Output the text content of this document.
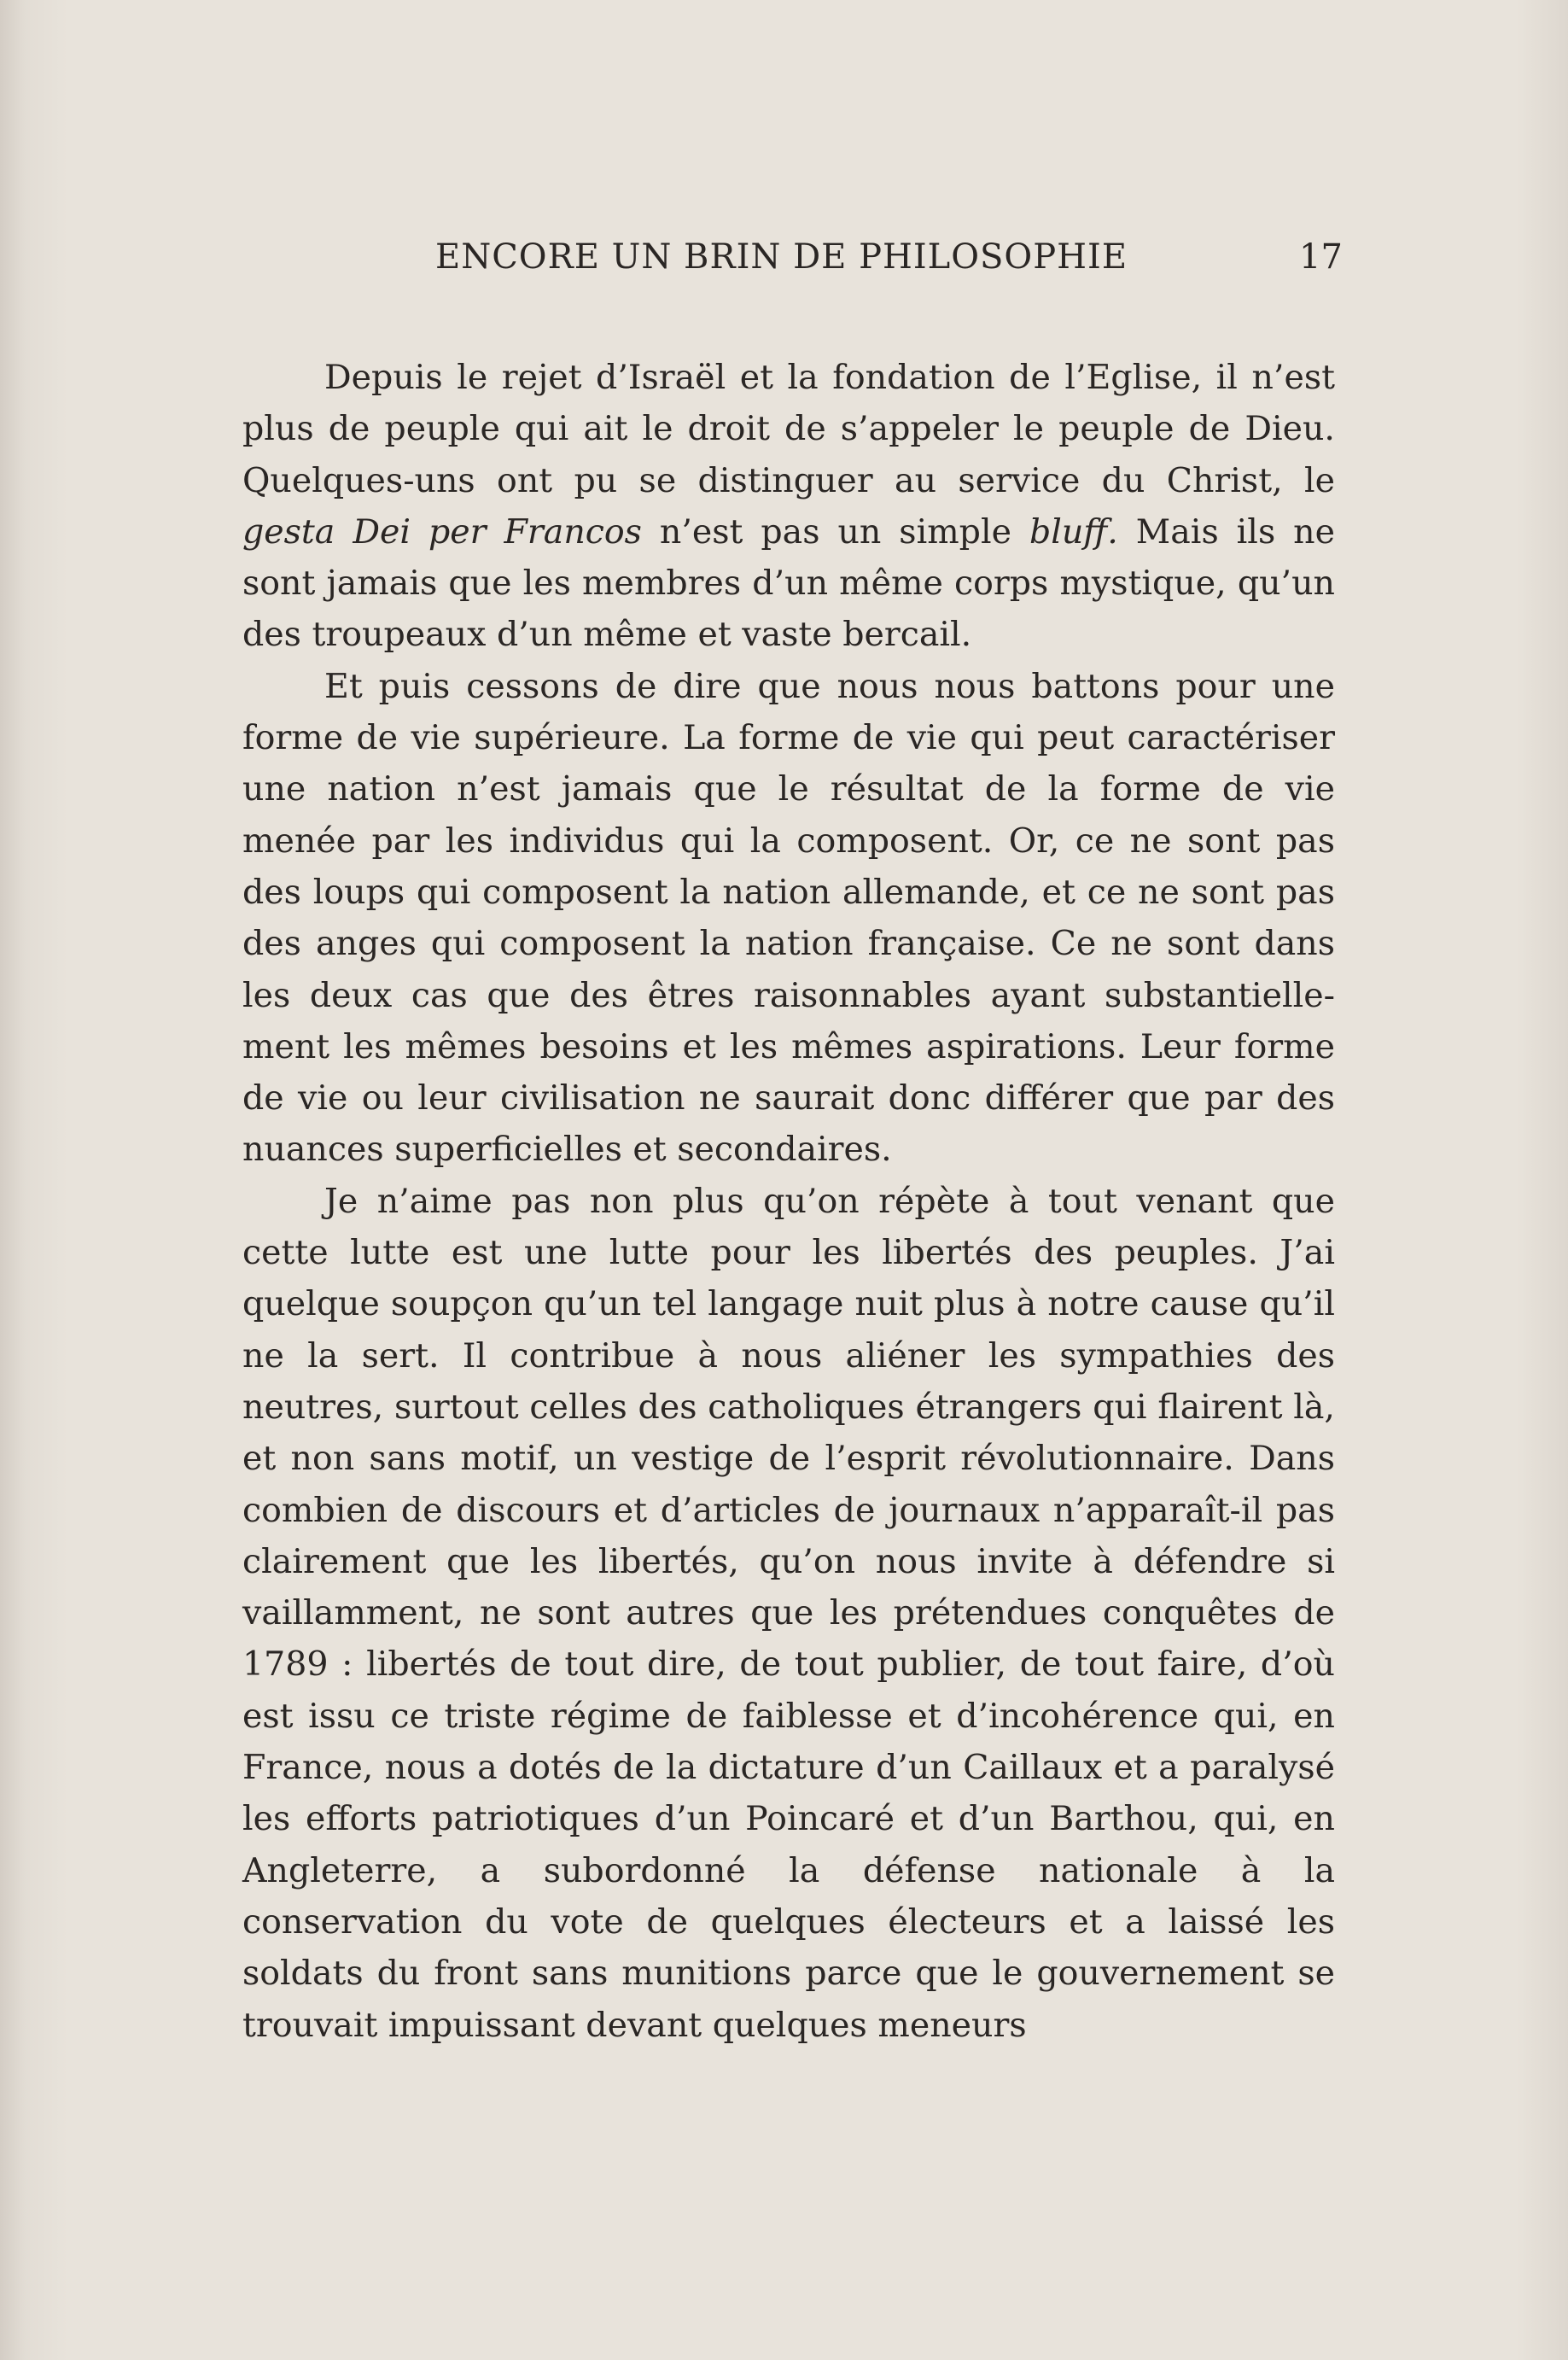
ENCORE UN BRIN DE PHILOSOPHIE	17

Depuis le rejet d’Israël et la fondation de l’Eglise, il n’est plus de peuple qui ait le droit de s’appeler le peuple de Dieu. Quelques-uns ont pu se distinguer au service du Christ, le gesta Dei per Francos n’est pas un simple bluff. Mais ils ne sont jamais que les membres d’un même corps mystique, qu’un des troupeaux d’un même et vaste bercail.

Et puis cessons de dire que nous nous battons pour une forme de vie supérieure. La forme de vie qui peut caractériser une nation n’est jamais que le résultat de la forme de vie menée par les individus qui la composent. Or, ce ne sont pas des loups qui composent la nation allemande, et ce ne sont pas des anges qui composent la nation française. Ce ne sont dans les deux cas que des êtres raisonnables ayant substantiellement les mêmes besoins et les mêmes aspirations. Leur forme de vie ou leur civilisation ne saurait donc différer que par des nuances superficielles et secondaires.

Je n’aime pas non plus qu’on répète à tout venant que cette lutte est une lutte pour les libertés des peuples. J’ai quelque soupçon qu’un tel langage nuit plus à notre cause qu’il ne la sert. Il contribue à nous aliéner les sympathies des neutres, surtout celles des catholiques étrangers qui flairent là, et non sans motif, un vestige de l’esprit révolutionnaire. Dans combien de discours et d’articles de journaux n’apparaît-il pas clairement que les libertés, qu’on nous invite à défendre si vaillamment, ne sont autres que les prétendues conquêtes de 1789 : libertés de tout dire, de tout publier, de tout faire, d’où est issu ce triste régime de faiblesse et d’incohérence qui, en France, nous a dotés de la dictature d’un Caillaux et a paralysé les efforts patriotiques d’un Poincaré et d’un Barthou, qui, en Angleterre, a subordonné la défense nationale à la conservation du vote de quelques électeurs et a laissé les soldats du front sans munitions parce que le gouvernement se trouvait impuissant devant quelques meneurs
